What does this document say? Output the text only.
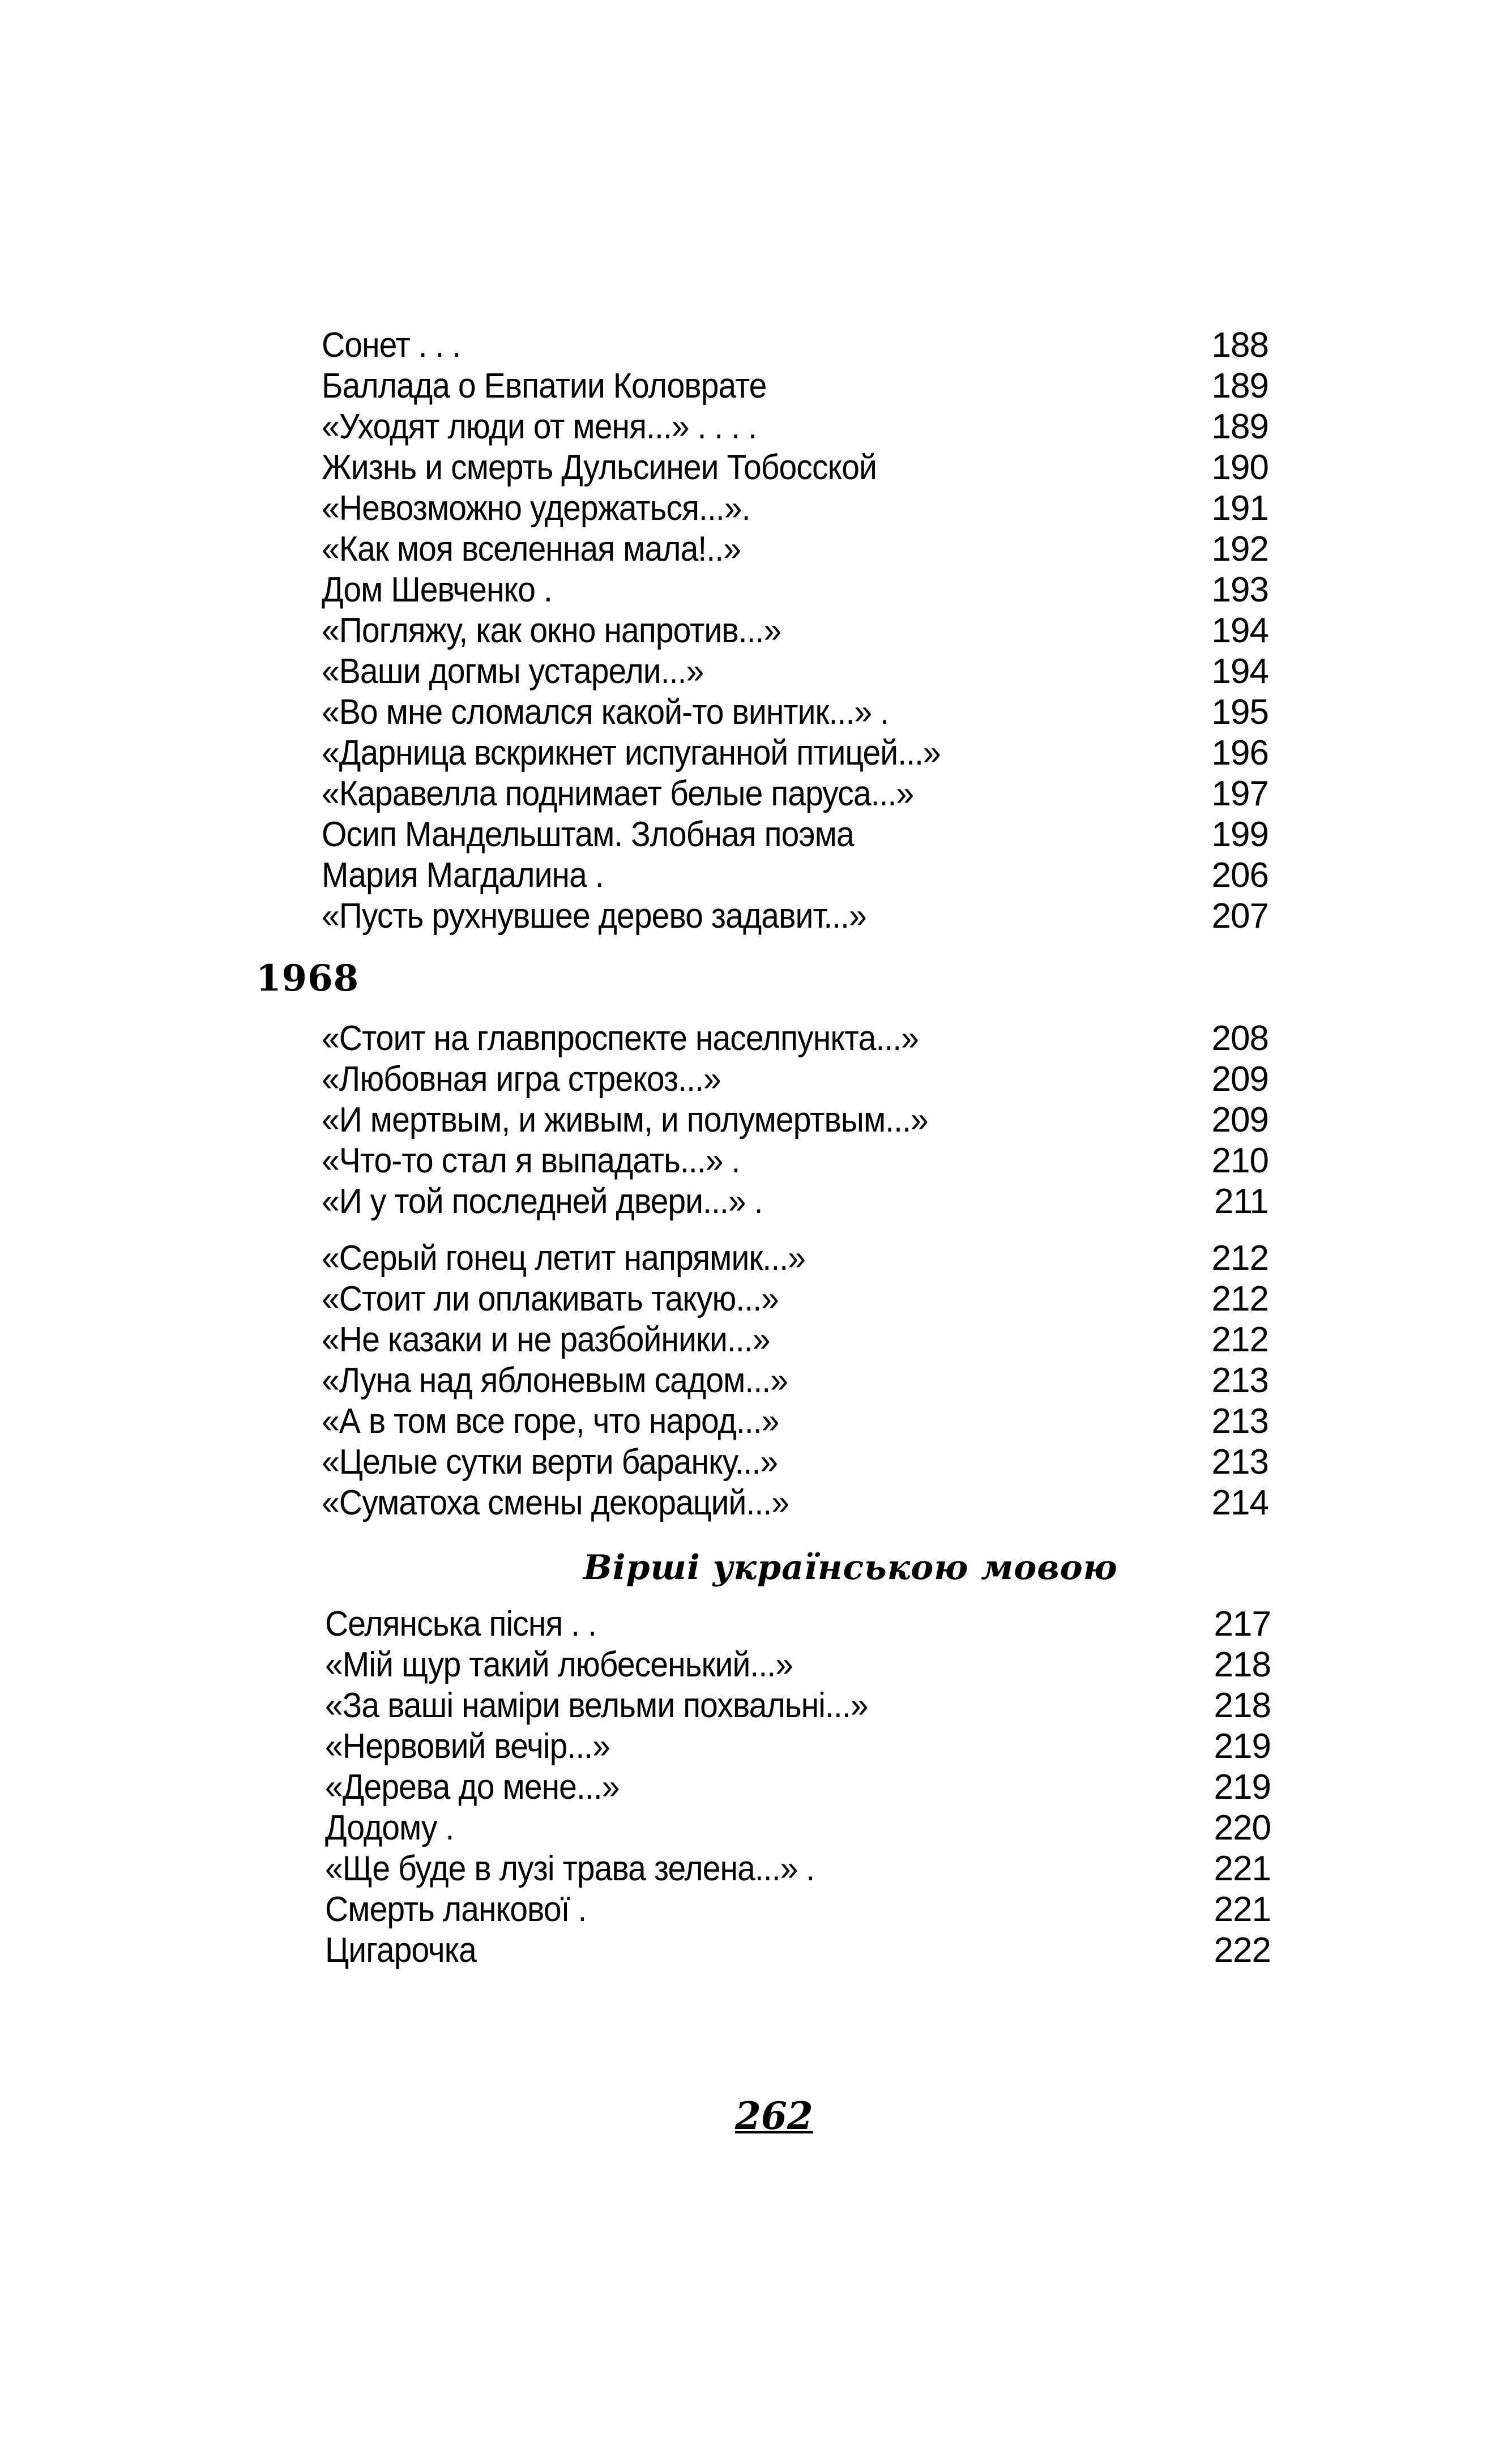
Сонет . . .	188
Баллада о Евпатии Коловрате	189
«Уходят люди от меня...» . . . .	189
Жизнь и смерть Дульсинеи Тобосской	190
«Невозможно удержаться...».	191
«Как моя вселенная мала!..»	192
Дом Шевченко .	193
«Погляжу, как окно напротив...»	194
«Ваши догмы устарели...»	194
«Во мне сломался какой-то винтик...» .	195
«Дарница вскрикнет испуганной птицей...»	196
«Каравелла поднимает белые паруса...»	197
Осип Мандельштам. Злобная поэма	199
Мария Магдалина .	206
«Пусть рухнувшее дерево задавит...»	207
1968
«Стоит на главпроспекте населпункта...»	208
«Любовная игра стрекоз...»	209
«И мертвым, и живым, и полумертвым...»	209
«Что-то стал я выпадать...» .	210
«И у той последней двери...» .	211
«Серый гонец летит напрямик...»	212
«Стоит ли оплакивать такую...»	212
«Не казаки и не разбойники...»	212
«Луна над яблоневым садом...»	213
«А в том все горе, что народ...»	213
«Целые сутки верти баранку...»	213
«Суматоха смены декораций...»	214
Вірші українською мовою
Селянська пісня . .	217
«Мій щур такий любесенький...»	218
«За ваші наміри вельми похвальні...»	218
«Нервовий вечір...»	219
«Дерева до мене...»	219
Додому .	220
«Ще буде в лузі трава зелена...» .	221
Смерть ланкової .	221
Цигарочка	222
262
